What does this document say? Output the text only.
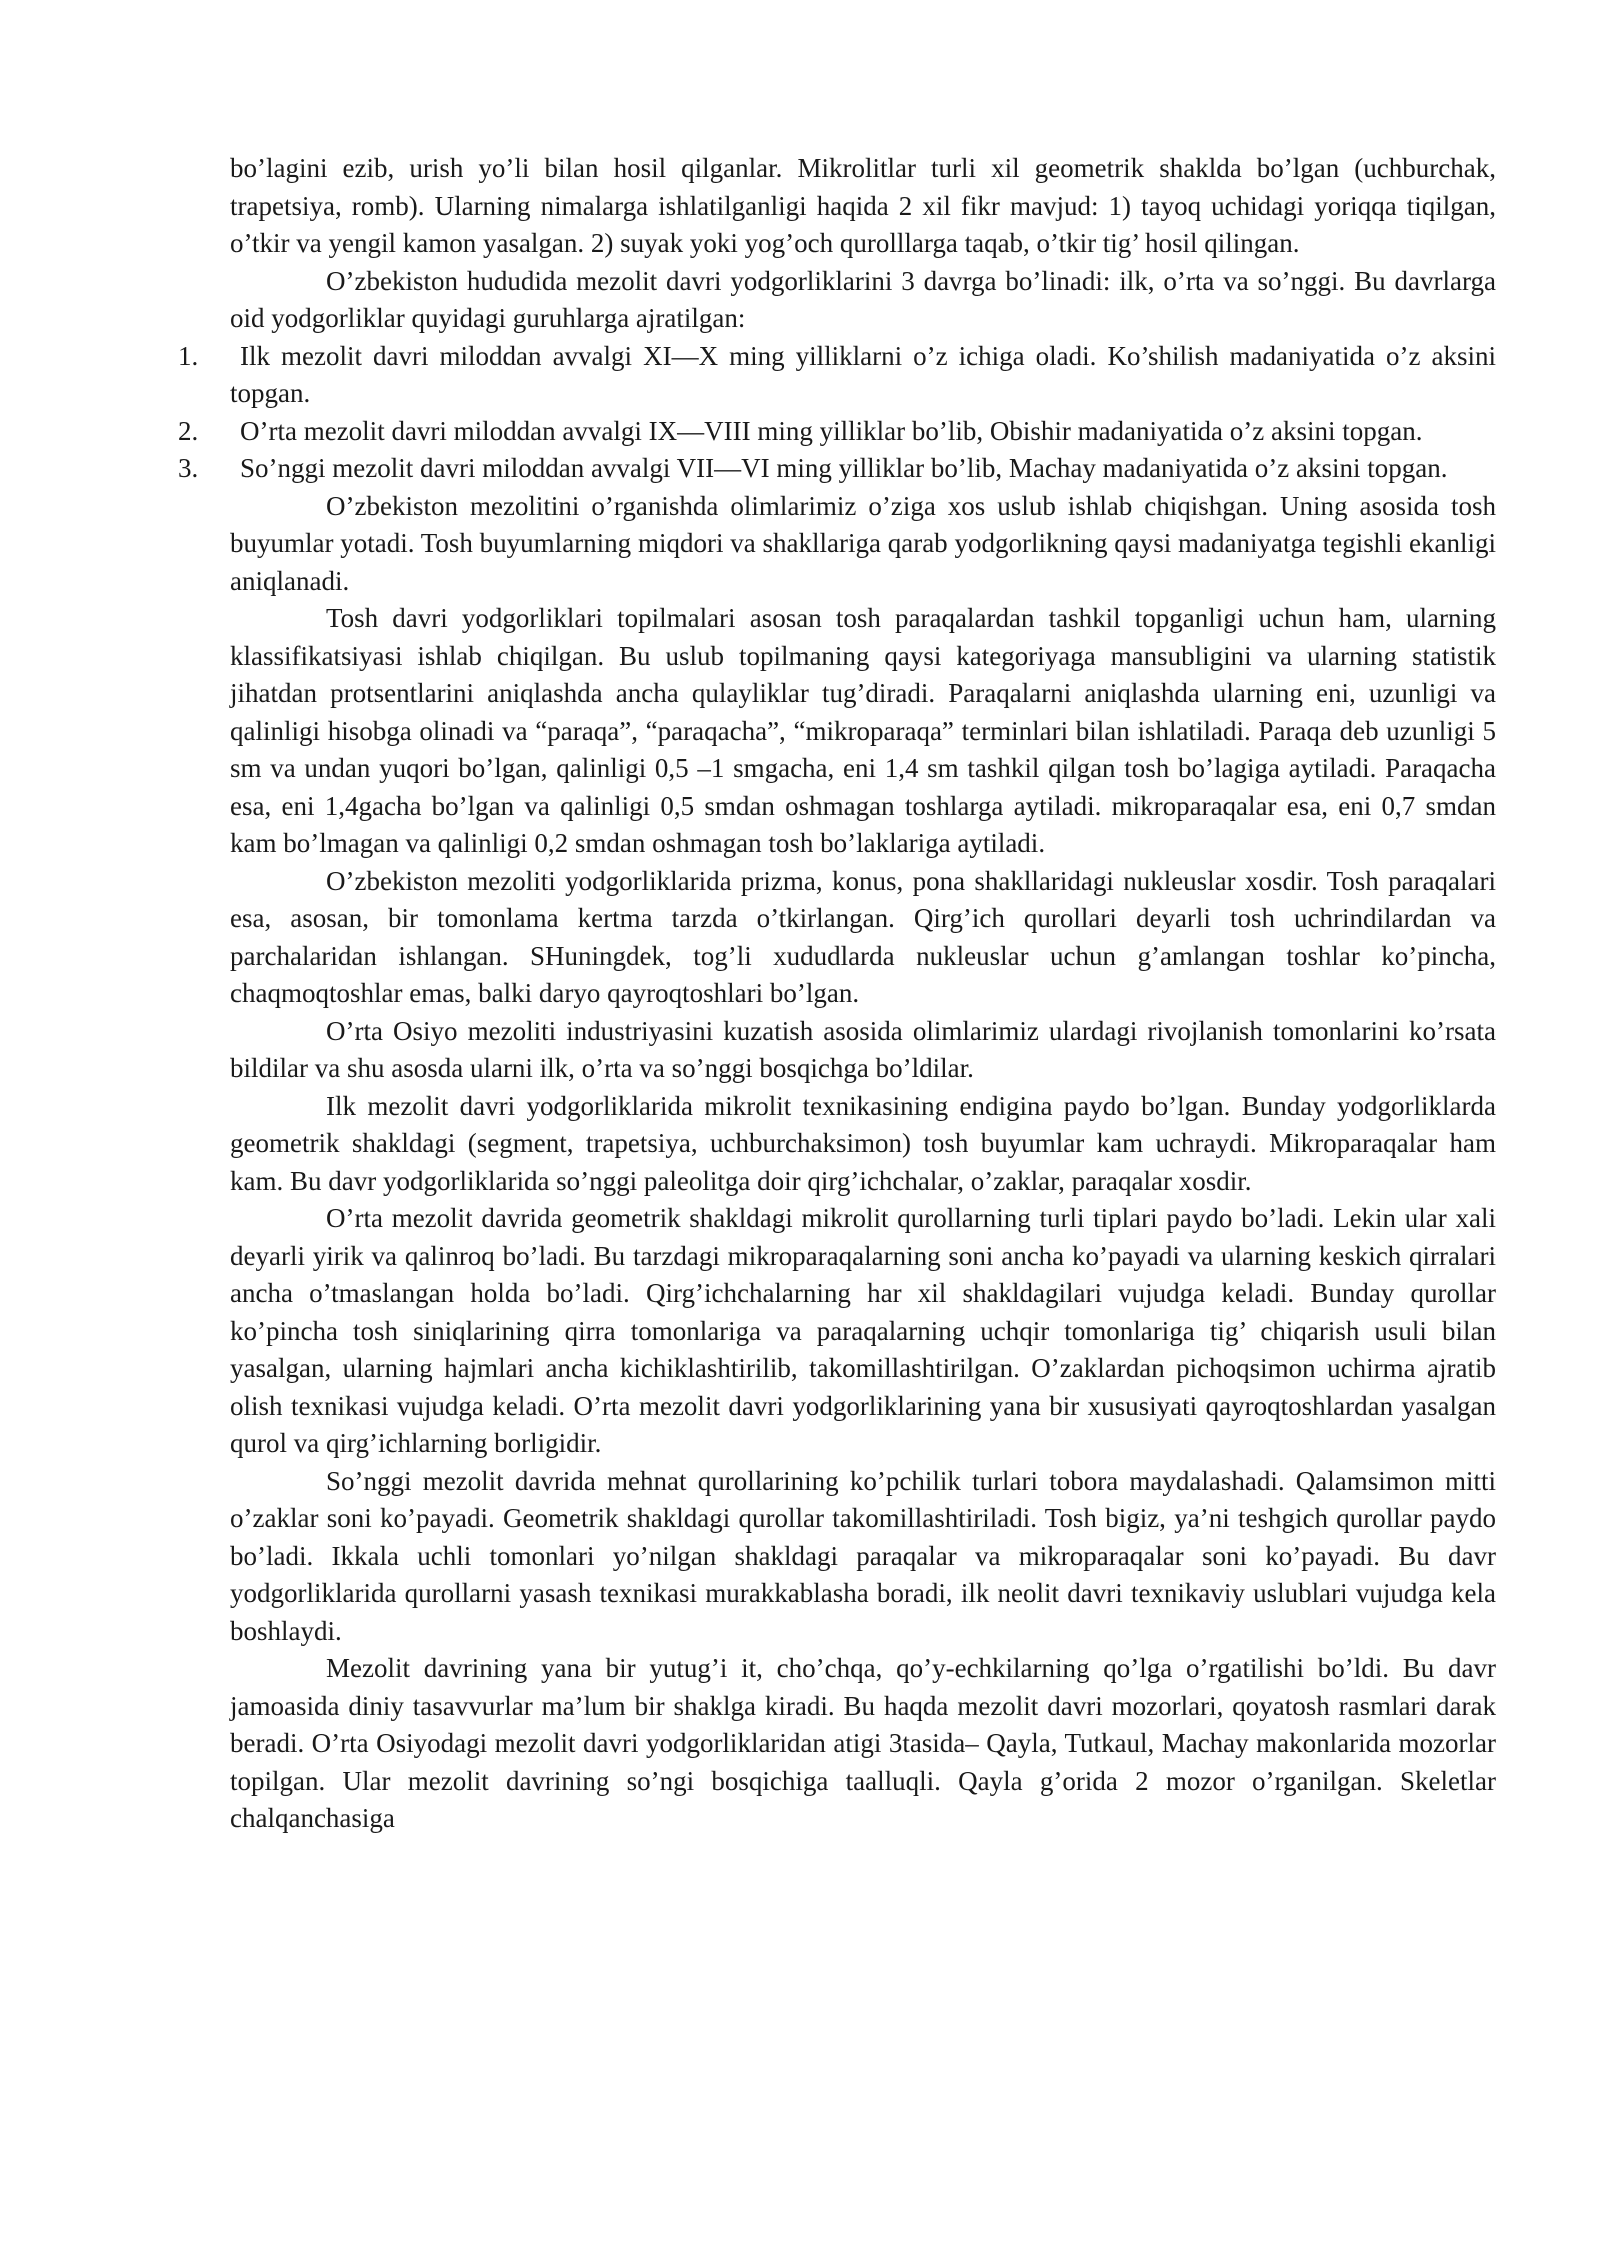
bo’lagini ezib, urish yo’li bilan hosil qilganlar. Mikrolitlar turli xil geometrik shaklda bo’lgan (uchburchak, trapetsiya, romb). Ularning nimalarga ishlatilganligi haqida 2 xil fikr mavjud: 1) tayoq uchidagi yoriqqa tiqilgan, o’tkir va yengil kamon yasalgan. 2) suyak yoki yog’och qurolllarga taqab, o’tkir tig’ hosil qilingan.

O’zbekiston hududida mezolit davri yodgorliklarini 3 davrga bo’linadi: ilk, o’rta va so’nggi. Bu davrlarga oid yodgorliklar quyidagi guruhlarga ajratilgan:

1.	Ilk mezolit davri miloddan avvalgi XI—X ming yilliklarni o’z ichiga oladi. Ko’shilish madaniyatida o’z aksini topgan.
2.	O’rta mezolit davri miloddan avvalgi IX—VIII ming yilliklar bo’lib, Obishir madaniyatida o’z aksini topgan.
3.	So’nggi mezolit davri miloddan avvalgi VII—VI ming yilliklar bo’lib, Machay madaniyatida o’z aksini topgan.

O’zbekiston mezolitini o’rganishda olimlarimiz o’ziga xos uslub ishlab chiqishgan. Uning asosida tosh buyumlar yotadi. Tosh buyumlarning miqdori va shakllariga qarab yodgorlikning qaysi madaniyatga tegishli ekanligi aniqlanadi.

Tosh davri yodgorliklari topilmalari asosan tosh paraqalardan tashkil topganligi uchun ham, ularning klassifikatsiyasi ishlab chiqilgan. Bu uslub topilmaning qaysi kategoriyaga mansubligini va ularning statistik jihatdan protsentlarini aniqlashda ancha qulayliklar tug’diradi. Paraqalarni aniqlashda ularning eni, uzunligi va qalinligi hisobga olinadi va “paraqa”, “paraqacha”, “mikroparaqa” terminlari bilan ishlatiladi. Paraqa deb uzunligi 5 sm va undan yuqori bo’lgan, qalinligi 0,5 –1 smgacha, eni 1,4 sm tashkil qilgan tosh bo’lagiga aytiladi. Paraqacha esa, eni 1,4gacha bo’lgan va qalinligi 0,5 smdan oshmagan toshlarga aytiladi. mikroparaqalar esa, eni 0,7 smdan kam bo’lmagan va qalinligi 0,2 smdan oshmagan tosh bo’laklariga aytiladi.

O’zbekiston mezoliti yodgorliklarida prizma, konus, pona shakllaridagi nukleuslar xosdir. Tosh paraqalari esa, asosan, bir tomonlama kertma tarzda o’tkirlangan. Qirg’ich qurollari deyarli tosh uchrindilardan va parchalaridan ishlangan. SHuningdek, tog’li xududlarda nukleuslar uchun g’amlangan toshlar ko’pincha, chaqmoqtoshlar emas, balki daryo qayroqtoshlari bo’lgan.

O’rta Osiyo mezoliti industriyasini kuzatish asosida olimlarimiz ulardagi rivojlanish tomonlarini ko’rsata bildilar va shu asosda ularni ilk, o’rta va so’nggi bosqichga bo’ldilar.

Ilk mezolit davri yodgorliklarida mikrolit texnikasining endigina paydo bo’lgan. Bunday yodgorliklarda geometrik shakldagi (segment, trapetsiya, uchburchaksimon) tosh buyumlar kam uchraydi. Mikroparaqalar ham kam. Bu davr yodgorliklarida so’nggi paleolitga doir qirg’ichchalar, o’zaklar, paraqalar xosdir.

O’rta mezolit davrida geometrik shakldagi mikrolit qurollarning turli tiplari paydo bo’ladi. Lekin ular xali deyarli yirik va qalinroq bo’ladi. Bu tarzdagi mikroparaqalarning soni ancha ko’payadi va ularning keskich qirralari ancha o’tmaslangan holda bo’ladi. Qirg’ichchalarning har xil shakldagilari vujudga keladi. Bunday qurollar ko’pincha tosh siniqlarining qirra tomonlariga va paraqalarning uchqir tomonlariga tig’ chiqarish usuli bilan yasalgan, ularning hajmlari ancha kichiklashtirilib, takomillashtirilgan. O’zaklardan pichoqsimon uchirma ajratib olish texnikasi vujudga keladi. O’rta mezolit davri yodgorliklarining yana bir xususiyati qayroqtoshlardan yasalgan qurol va qirg’ichlarning borligidir.

So’nggi mezolit davrida mehnat qurollarining ko’pchilik turlari tobora maydalashadi. Qalamsimon mitti o’zaklar soni ko’payadi. Geometrik shakldagi qurollar takomillashtiriladi. Tosh bigiz, ya’ni teshgich qurollar paydo bo’ladi. Ikkala uchli tomonlari yo’nilgan shakldagi paraqalar va mikroparaqalar soni ko’payadi. Bu davr yodgorliklarida qurollarni yasash texnikasi murakkablasha boradi, ilk neolit davri texnikaviy uslublari vujudga kela boshlaydi.

Mezolit davrining yana bir yutug’i it, cho’chqa, qo’y-echkilarning qo’lga o’rgatilishi bo’ldi. Bu davr jamoasida diniy tasavvurlar ma’lum bir shaklga kiradi. Bu haqda mezolit davri mozorlari, qoyatosh rasmlari darak beradi. O’rta Osiyodagi mezolit davri yodgorliklaridan atigi 3tasida– Qayla, Tutkaul, Machay makonlarida mozorlar topilgan. Ular mezolit davrining so’ngi bosqichiga taalluqli. Qayla g’orida 2 mozor o’rganilgan. Skeletlar chalqanchasiga
